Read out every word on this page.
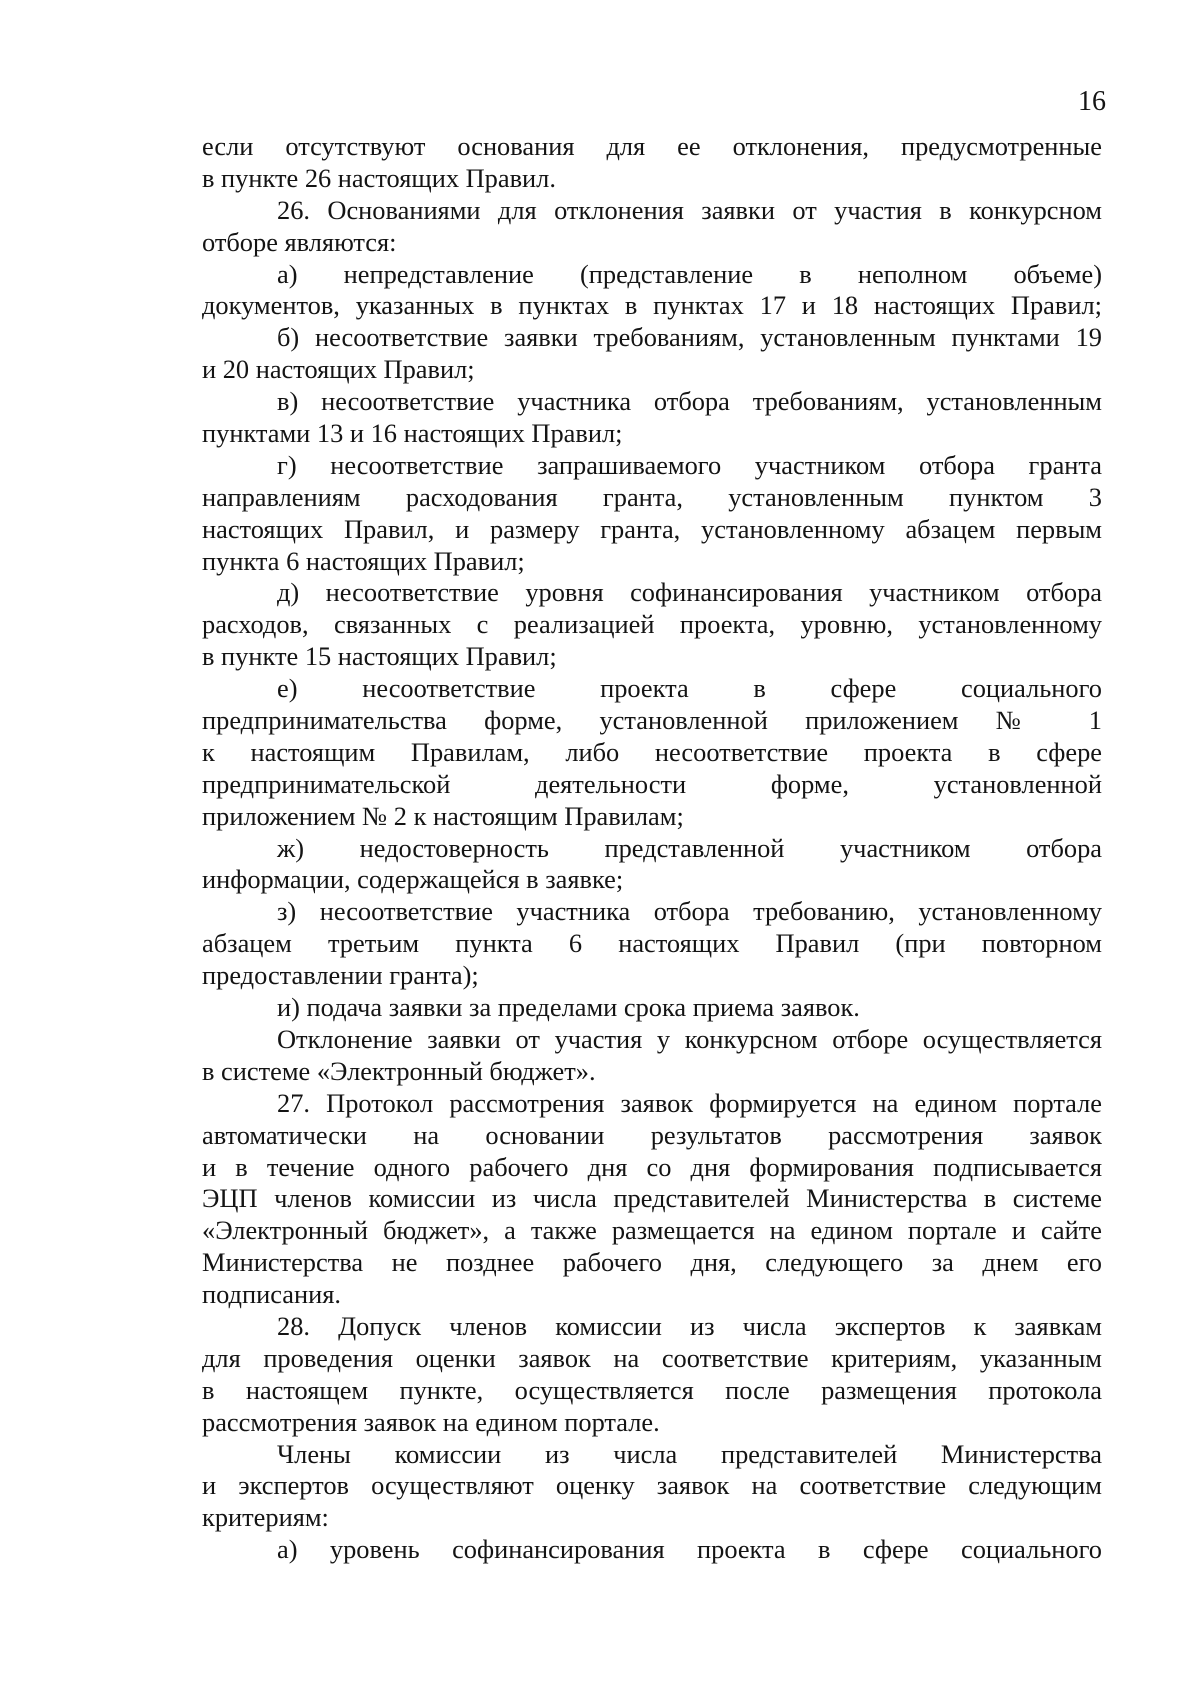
16
если отсутствуют основания для ее отклонения, предусмотренные
в пункте 26 настоящих Правил.
26. Основаниями для отклонения заявки от участия в конкурсном
отборе являются:
а) непредставление (представление в неполном объеме)
документов, указанных в пунктах в пунктах 17 и 18 настоящих Правил;
б) несоответствие заявки требованиям, установленным пунктами 19
и 20 настоящих Правил;
в) несоответствие участника отбора требованиям, установленным
пунктами 13 и 16 настоящих Правил;
г) несоответствие запрашиваемого участником отбора гранта
направлениям расходования гранта, установленным пунктом 3
настоящих Правил, и размеру гранта, установленному абзацем первым
пункта 6 настоящих Правил;
д) несоответствие уровня софинансирования участником отбора
расходов, связанных с реализацией проекта, уровню, установленному
в пункте 15 настоящих Правил;
е) несоответствие проекта в сфере социального
предпринимательства форме, установленной приложением № 1
к настоящим Правилам, либо несоответствие проекта в сфере
предпринимательской деятельности форме, установленной
приложением № 2 к настоящим Правилам;
ж) недостоверность представленной участником отбора
информации, содержащейся в заявке;
з) несоответствие участника отбора требованию, установленному
абзацем третьим пункта 6 настоящих Правил (при повторном
предоставлении гранта);
и) подача заявки за пределами срока приема заявок.
Отклонение заявки от участия у конкурсном отборе осуществляется
в системе «Электронный бюджет».
27. Протокол рассмотрения заявок формируется на едином портале
автоматически на основании результатов рассмотрения заявок
и в течение одного рабочего дня со дня формирования подписывается
ЭЦП членов комиссии из числа представителей Министерства в системе
«Электронный бюджет», а также размещается на едином портале и сайте
Министерства не позднее рабочего дня, следующего за днем его
подписания.
28. Допуск членов комиссии из числа экспертов к заявкам
для проведения оценки заявок на соответствие критериям, указанным
в настоящем пункте, осуществляется после размещения протокола
рассмотрения заявок на едином портале.
Члены комиссии из числа представителей Министерства
и экспертов осуществляют оценку заявок на соответствие следующим
критериям:
а) уровень софинансирования проекта в сфере социального
